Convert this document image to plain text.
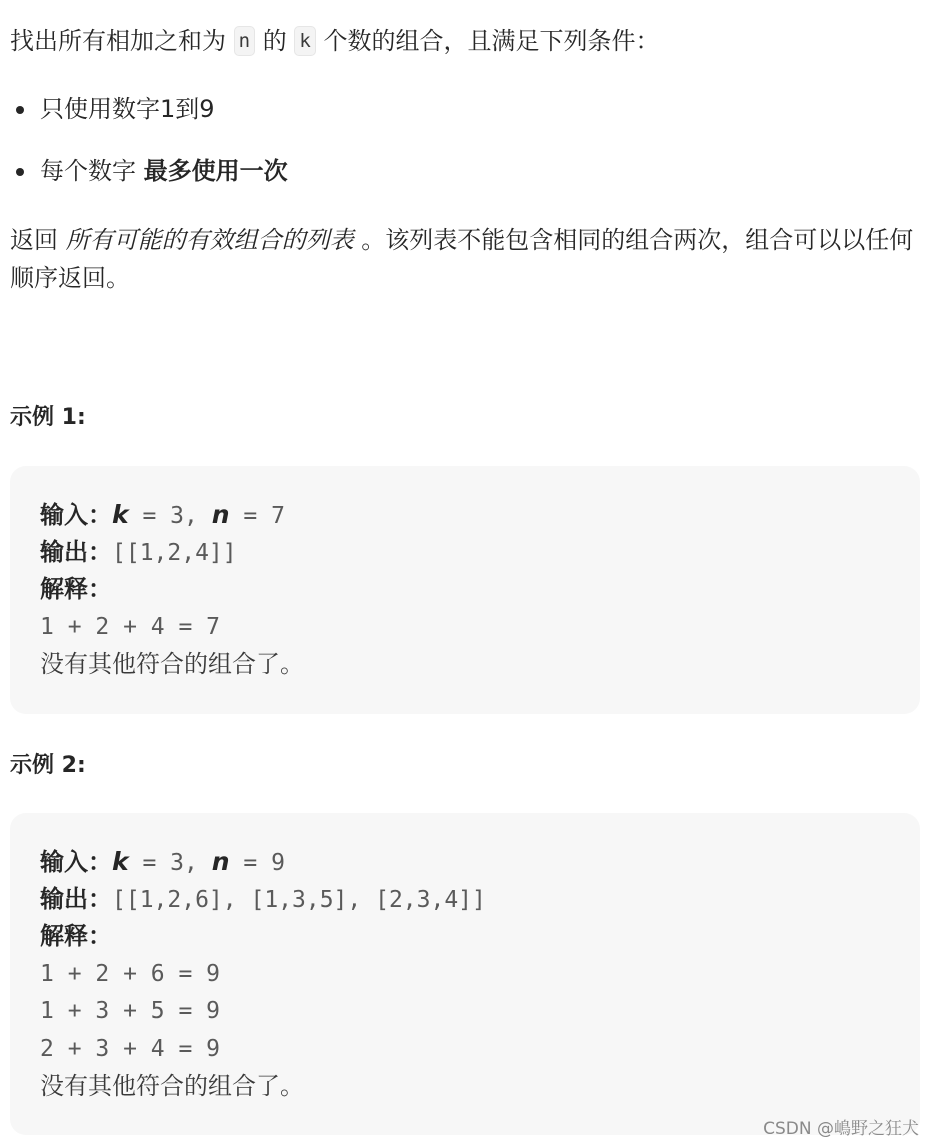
找出所有相加之和为 n 的 k 个数的组合，且满足下列条件：

只使用数字1到9
每个数字 最多使用一次

返回 所有可能的有效组合的列表 。该列表不能包含相同的组合两次，组合可以以任何顺序返回。

示例 1:

输入：k = 3, n = 7
输出：[[1,2,4]]
解释：
1 + 2 + 4 = 7
没有其他符合的组合了。

示例 2:

输入：k = 3, n = 9
输出：[[1,2,6], [1,3,5], [2,3,4]]
解释：
1 + 2 + 6 = 9
1 + 3 + 5 = 9
2 + 3 + 4 = 9
没有其他符合的组合了。
CSDN @嶋野之狂犬
